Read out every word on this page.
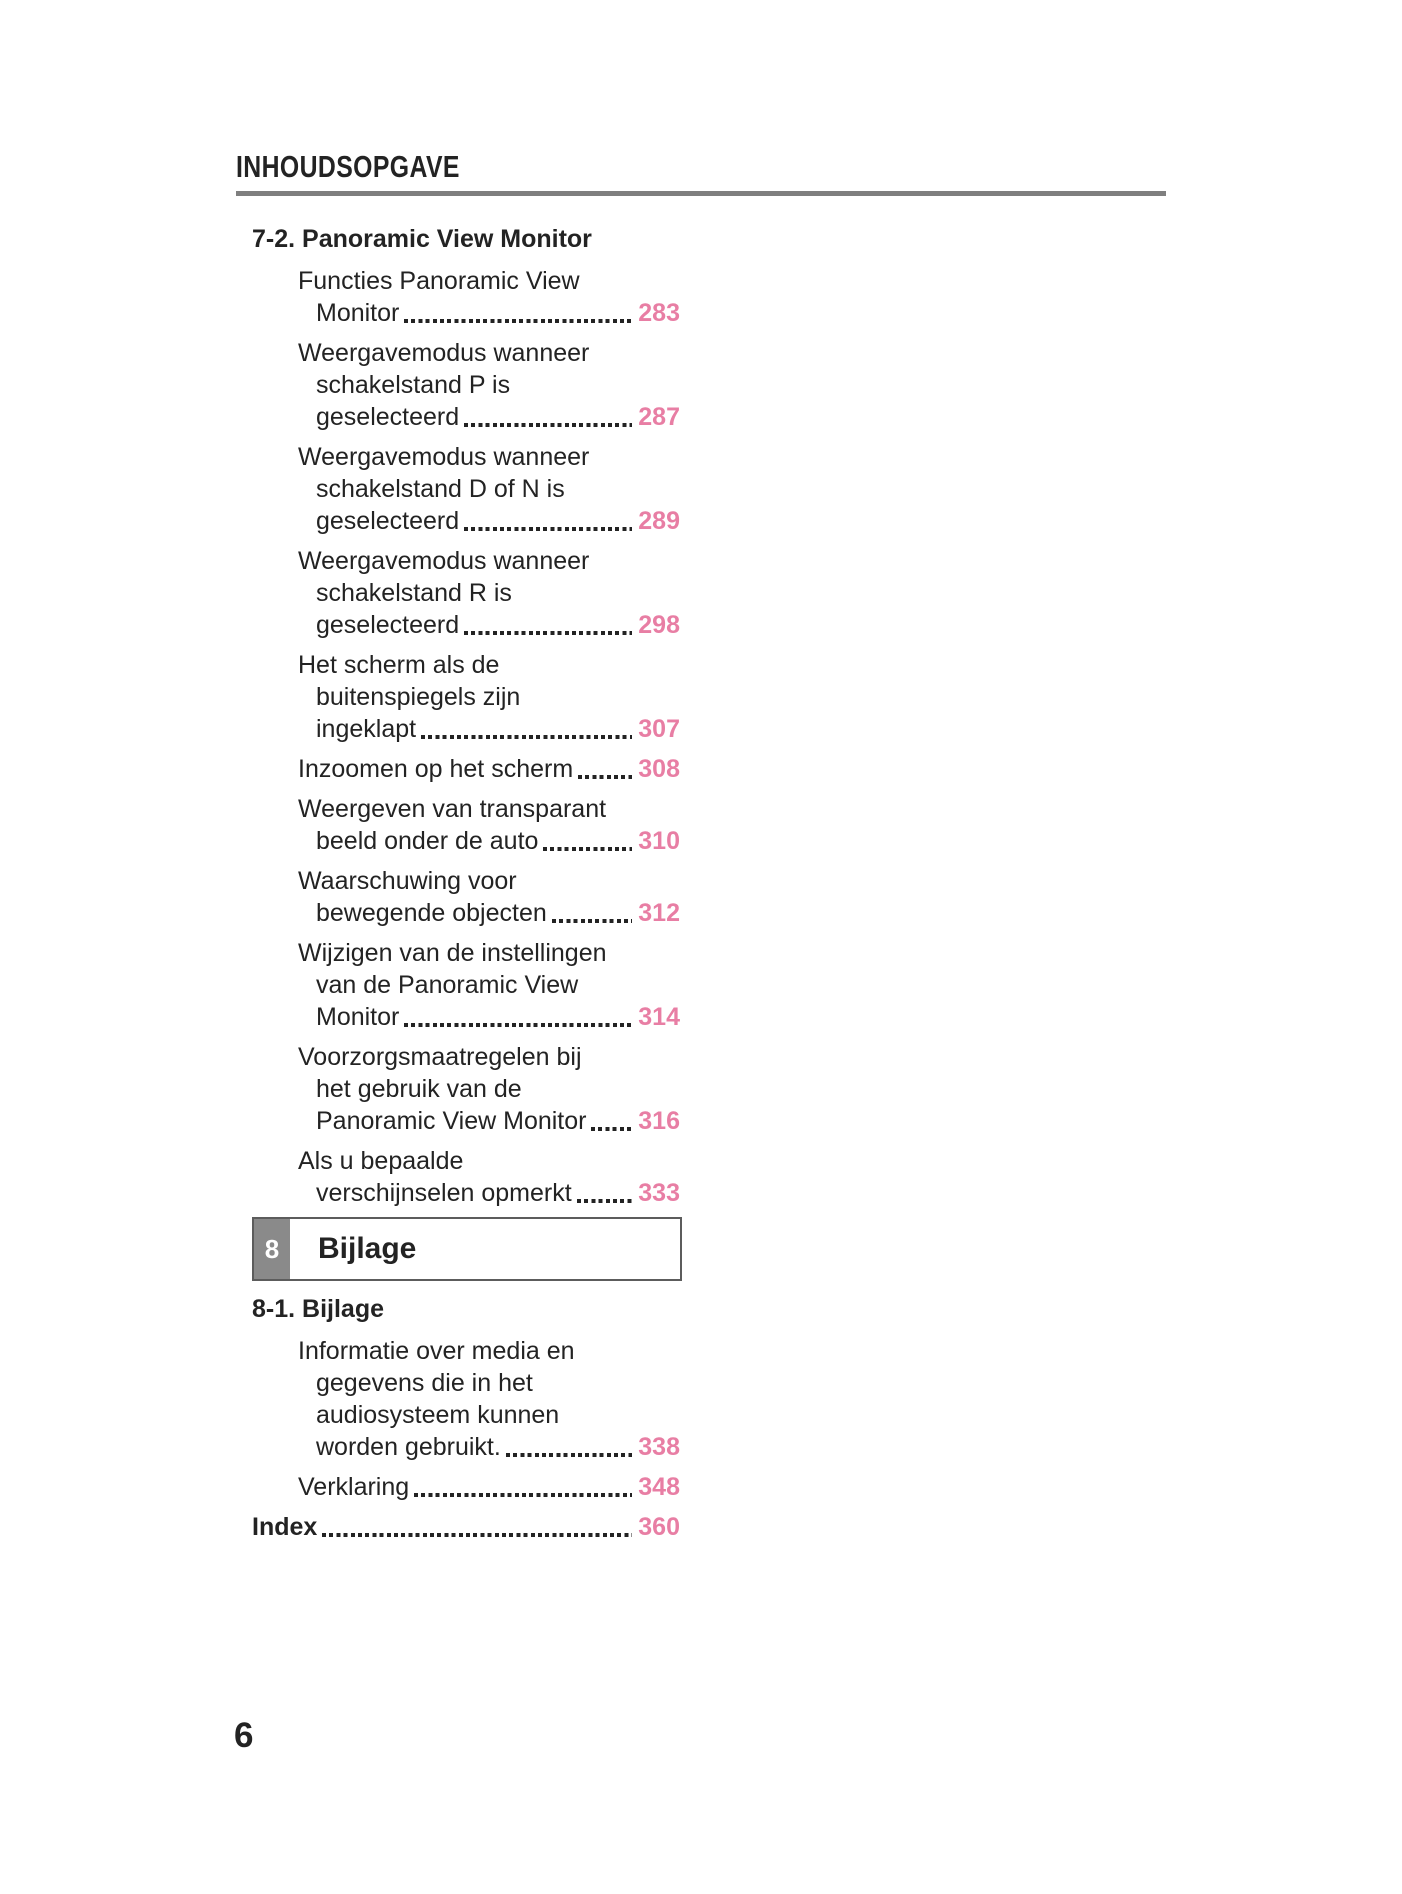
INHOUDSOPGAVE
7-2. Panoramic View Monitor
Functies Panoramic View
Monitor	283
Weergavemodus wanneer
schakelstand P is
geselecteerd	287
Weergavemodus wanneer
schakelstand D of N is
geselecteerd	289
Weergavemodus wanneer
schakelstand R is
geselecteerd	298
Het scherm als de
buitenspiegels zijn
ingeklapt	307
Inzoomen op het scherm	308
Weergeven van transparant
beeld onder de auto	310
Waarschuwing voor
bewegende objecten	312
Wijzigen van de instellingen
van de Panoramic View
Monitor	314
Voorzorgsmaatregelen bij
het gebruik van de
Panoramic View Monitor 316
Als u bepaalde
verschijnselen opmerkt	333
8	Bijlage
8-1. Bijlage
Informatie over media en
gegevens die in het
audiosysteem kunnen
worden gebruikt.	338
Verklaring	348
Index	360
6
